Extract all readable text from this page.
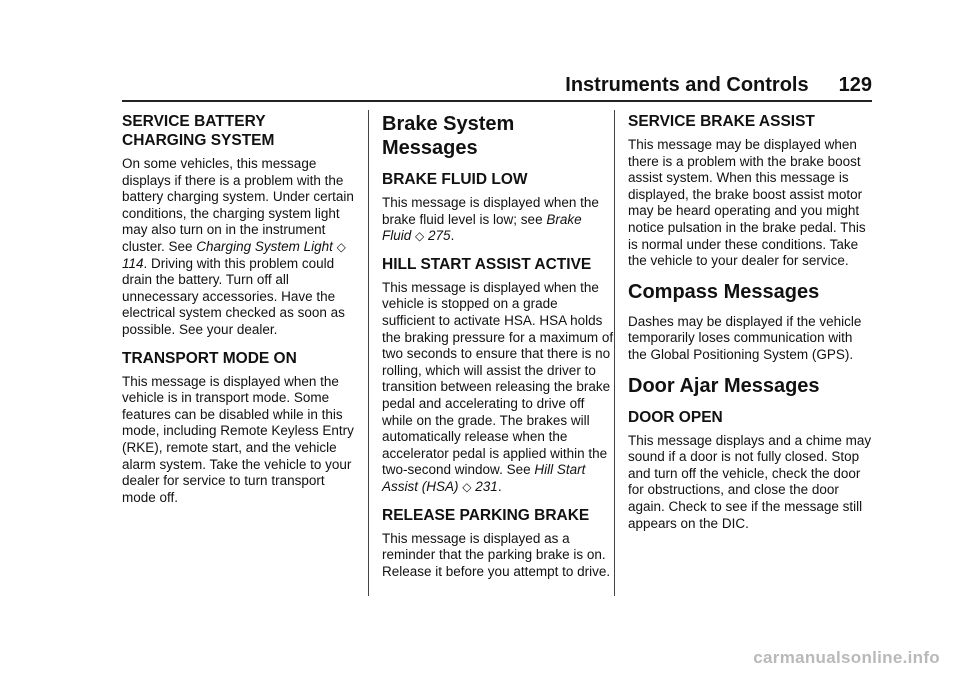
Instruments and Controls 129
SERVICE BATTERY
CHARGING SYSTEM

On some vehicles, this message displays if there is a problem with the battery charging system. Under certain conditions, the charging system light may also turn on in the instrument cluster. See Charging System Light ◇ 114. Driving with this problem could drain the battery. Turn off all unnecessary accessories. Have the electrical system checked as soon as possible. See your dealer.

TRANSPORT MODE ON

This message is displayed when the vehicle is in transport mode. Some features can be disabled while in this mode, including Remote Keyless Entry (RKE), remote start, and the vehicle alarm system. Take the vehicle to your dealer for service to turn transport mode off.

Brake System Messages
BRAKE FLUID LOW

This message is displayed when the brake fluid level is low; see Brake Fluid ◇ 275.

HILL START ASSIST ACTIVE

This message is displayed when the vehicle is stopped on a grade sufficient to activate HSA. HSA holds the braking pressure for a maximum of two seconds to ensure that there is no rolling, which will assist the driver to transition between releasing the brake pedal and accelerating to drive off while on the grade. The brakes will automatically release when the accelerator pedal is applied within the two-second window. See Hill Start Assist (HSA) ◇ 231.

RELEASE PARKING BRAKE

This message is displayed as a reminder that the parking brake is on. Release it before you attempt to drive.

SERVICE BRAKE ASSIST

This message may be displayed when there is a problem with the brake boost assist system. When this message is displayed, the brake boost assist motor may be heard operating and you might notice pulsation in the brake pedal. This is normal under these conditions. Take the vehicle to your dealer for service.

Compass Messages

Dashes may be displayed if the vehicle temporarily loses communication with the Global Positioning System (GPS).

Door Ajar Messages
DOOR OPEN

This message displays and a chime may sound if a door is not fully closed. Stop and turn off the vehicle, check the door for obstructions, and close the door again. Check to see if the message still appears on the DIC.

carmanualsonline.info
